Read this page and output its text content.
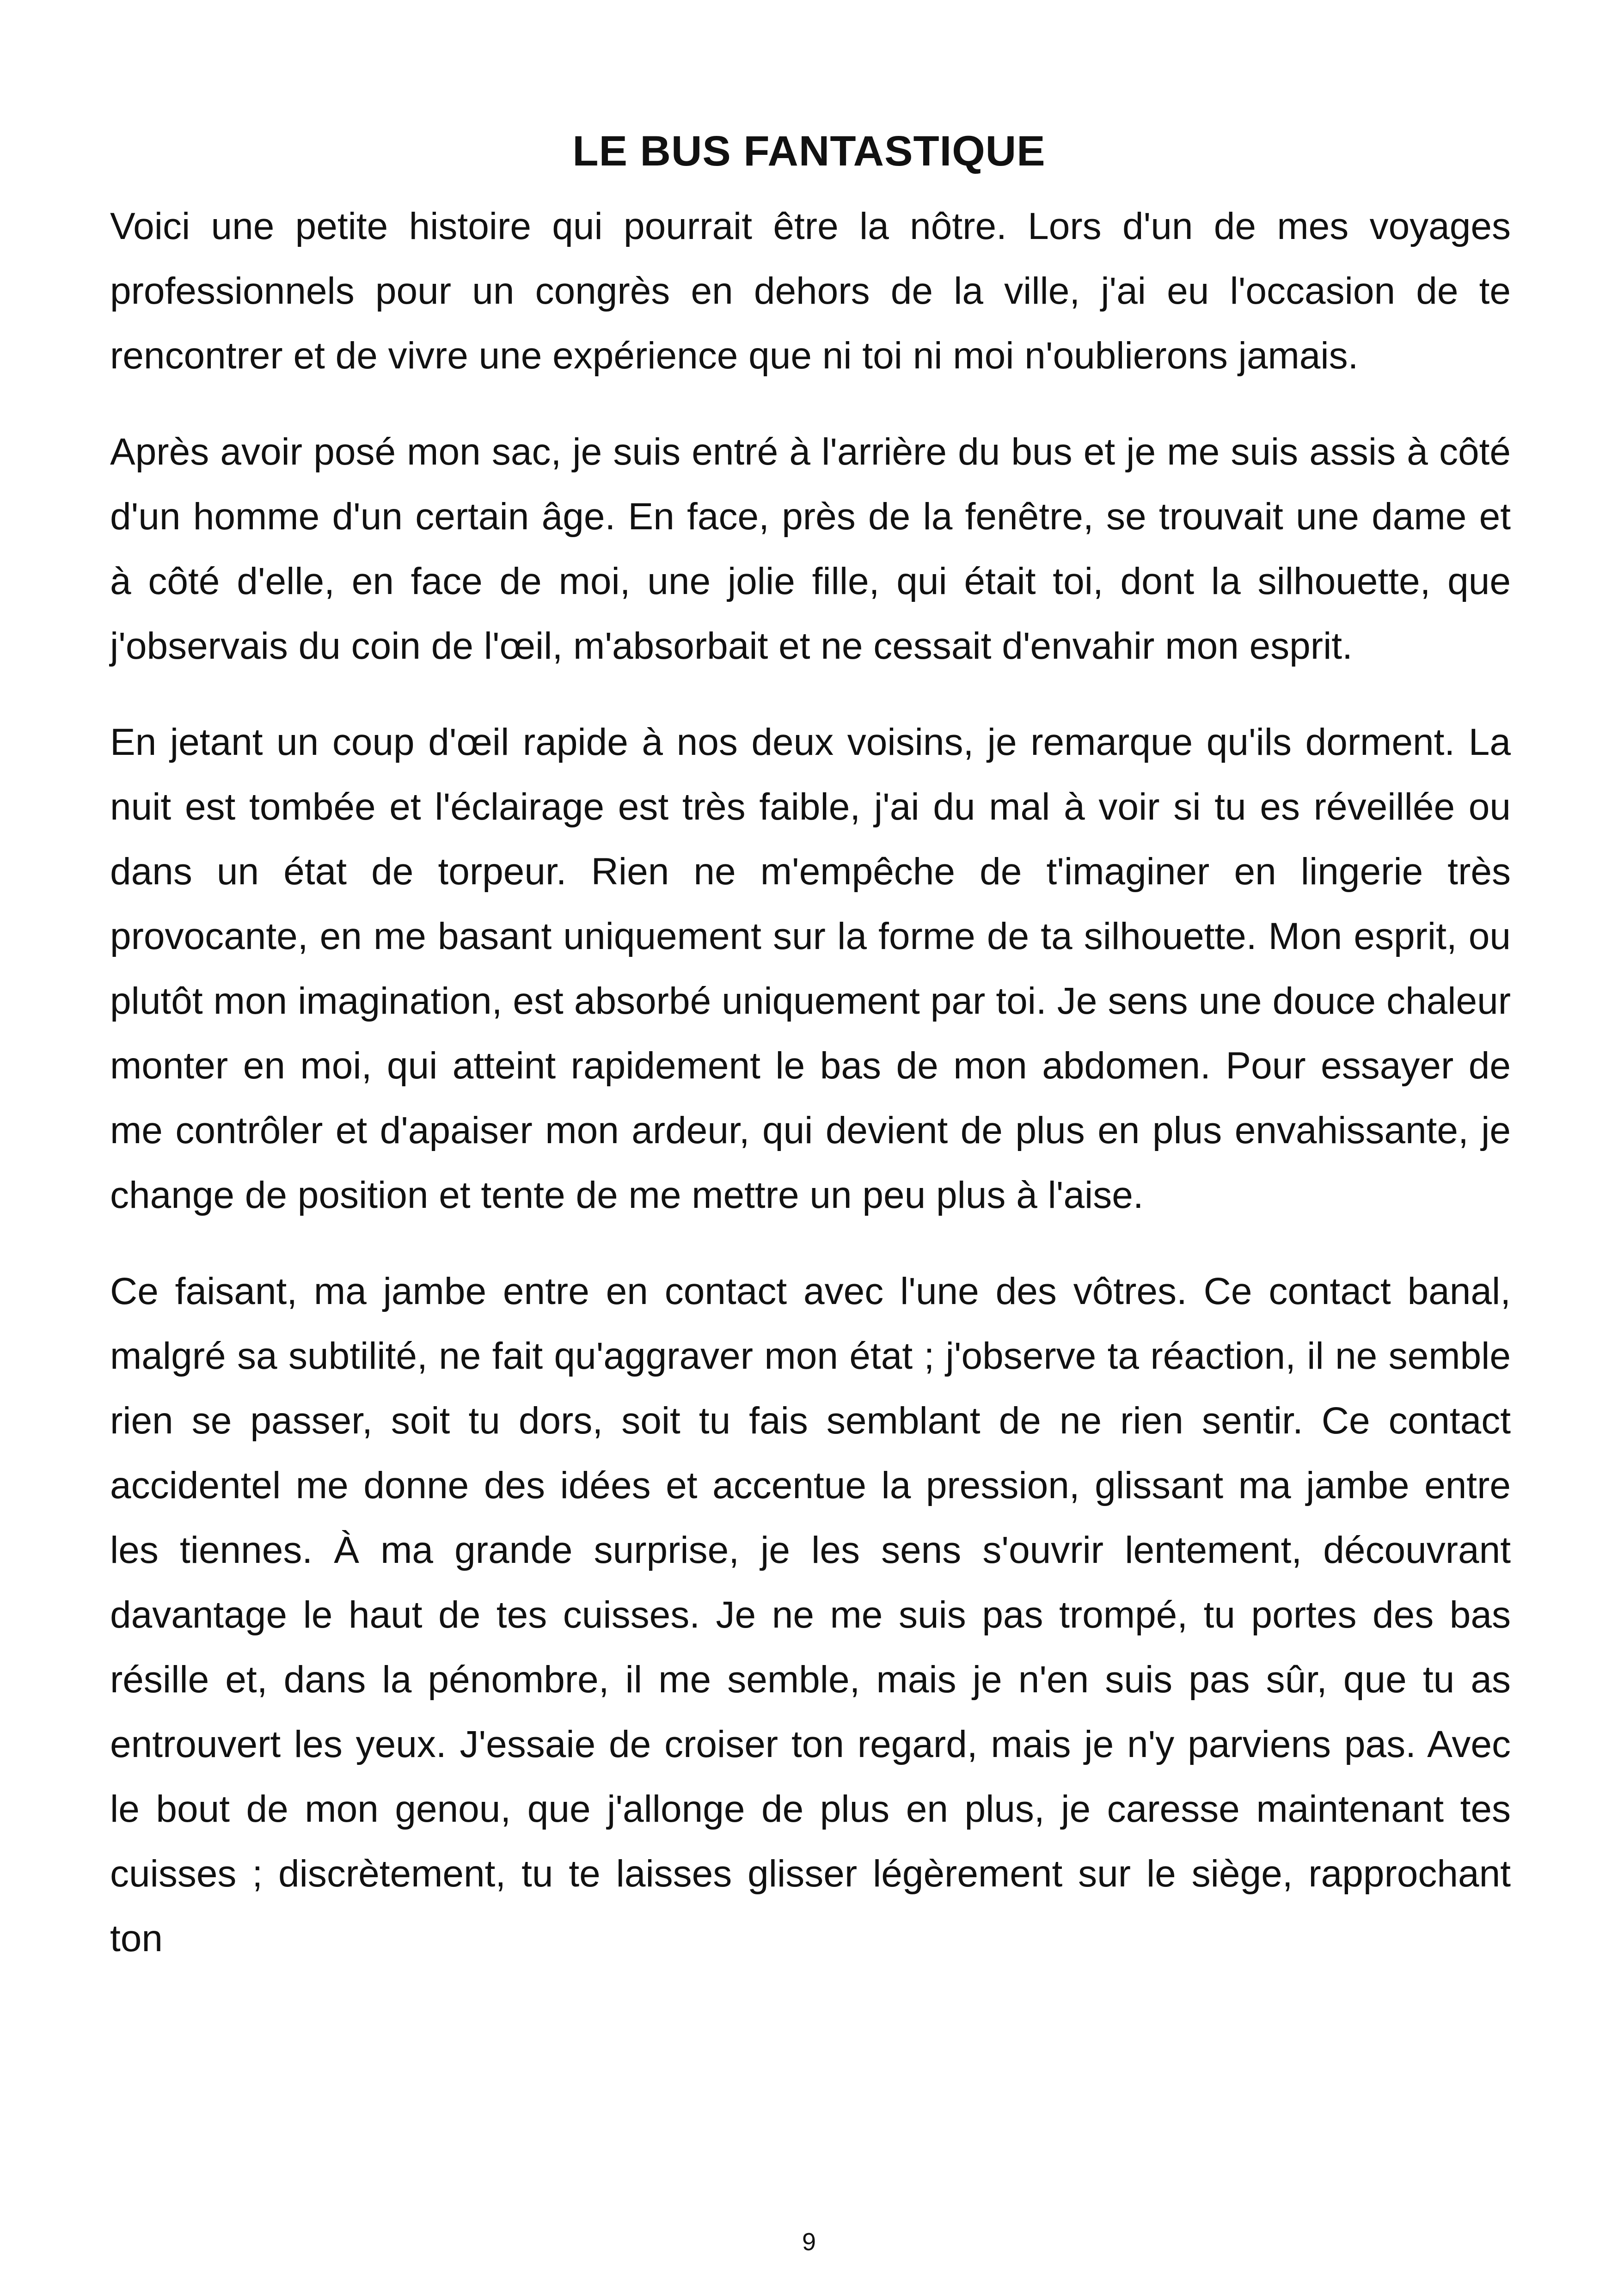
LE BUS FANTASTIQUE

Voici une petite histoire qui pourrait être la nôtre. Lors d'un de mes voyages professionnels pour un congrès en dehors de la ville, j'ai eu l'occasion de te rencontrer et de vivre une expérience que ni toi ni moi n'oublierons jamais.

Après avoir posé mon sac, je suis entré à l'arrière du bus et je me suis assis à côté d'un homme d'un certain âge. En face, près de la fenêtre, se trouvait une dame et à côté d'elle, en face de moi, une jolie fille, qui était toi, dont la silhouette, que j'observais du coin de l'œil, m'absorbait et ne cessait d'envahir mon esprit.

En jetant un coup d'œil rapide à nos deux voisins, je remarque qu'ils dorment. La nuit est tombée et l'éclairage est très faible, j'ai du mal à voir si tu es réveillée ou dans un état de torpeur. Rien ne m'empêche de t'imaginer en lingerie très provocante, en me basant uniquement sur la forme de ta silhouette. Mon esprit, ou plutôt mon imagination, est absorbé uniquement par toi. Je sens une douce chaleur monter en moi, qui atteint rapidement le bas de mon abdomen. Pour essayer de me contrôler et d'apaiser mon ardeur, qui devient de plus en plus envahissante, je change de position et tente de me mettre un peu plus à l'aise.

Ce faisant, ma jambe entre en contact avec l'une des vôtres. Ce contact banal, malgré sa subtilité, ne fait qu'aggraver mon état ; j'observe ta réaction, il ne semble rien se passer, soit tu dors, soit tu fais semblant de ne rien sentir. Ce contact accidentel me donne des idées et accentue la pression, glissant ma jambe entre les tiennes. À ma grande surprise, je les sens s'ouvrir lentement, découvrant davantage le haut de tes cuisses. Je ne me suis pas trompé, tu portes des bas résille et, dans la pénombre, il me semble, mais je n'en suis pas sûr, que tu as entrouvert les yeux. J'essaie de croiser ton regard, mais je n'y parviens pas. Avec le bout de mon genou, que j'allonge de plus en plus, je caresse maintenant tes cuisses ; discrètement, tu te laisses glisser légèrement sur le siège, rapprochant ton

9
